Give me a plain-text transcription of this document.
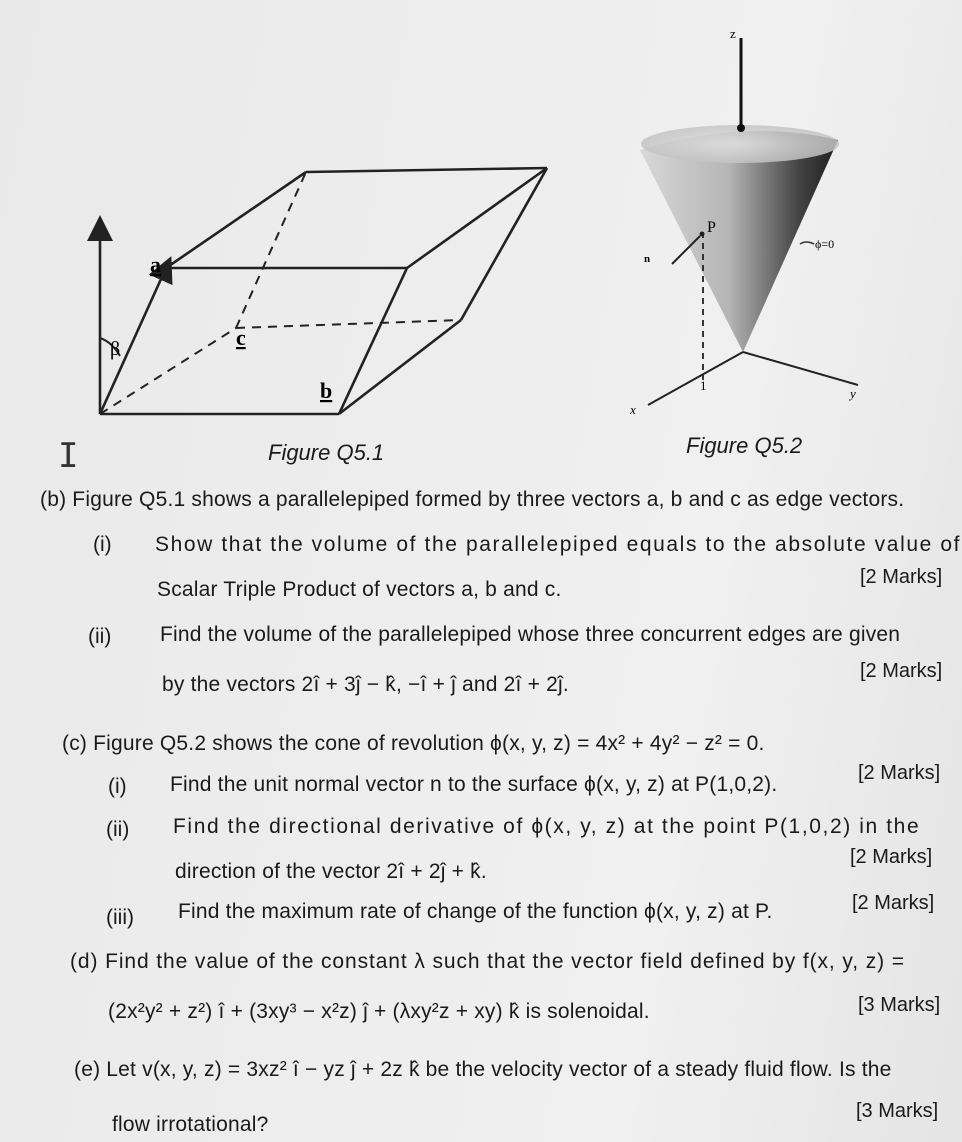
a
c
b
β
z
P
n
ϕ=0
1
x
y
I	Figure Q5.1	Figure Q5.2
(b) Figure Q5.1 shows a parallelepiped formed by three vectors a, b and c as edge vectors.
(i) Show that the volume of the parallelepiped equals to the absolute value of
Scalar Triple Product of vectors a, b and c.
[2 Marks]
(ii) Find the volume of the parallelepiped whose three concurrent edges are given
by the vectors 2î + 3ĵ − k̂, −î + ĵ and 2î + 2ĵ.
[2 Marks]
(c) Figure Q5.2 shows the cone of revolution ϕ(x, y, z) = 4x² + 4y² − z² = 0.
(i) Find the unit normal vector n to the surface ϕ(x, y, z) at P(1,0,2).	[2 Marks]
(ii) Find the directional derivative of ϕ(x, y, z) at the point P(1,0,2) in the
direction of the vector 2î + 2ĵ + k̂.
[2 Marks]
(iii) Find the maximum rate of change of the function ϕ(x, y, z) at P.	[2 Marks]
(d) Find the value of the constant λ such that the vector field defined by f(x, y, z) =
(2x²y² + z²) î + (3xy³ − x²z) ĵ + (λxy²z + xy) k̂ is solenoidal.	[3 Marks]
(e) Let v(x, y, z) = 3xz² î − yz ĵ + 2z k̂ be the velocity vector of a steady fluid flow. Is the
flow irrotational?
[3 Marks]
